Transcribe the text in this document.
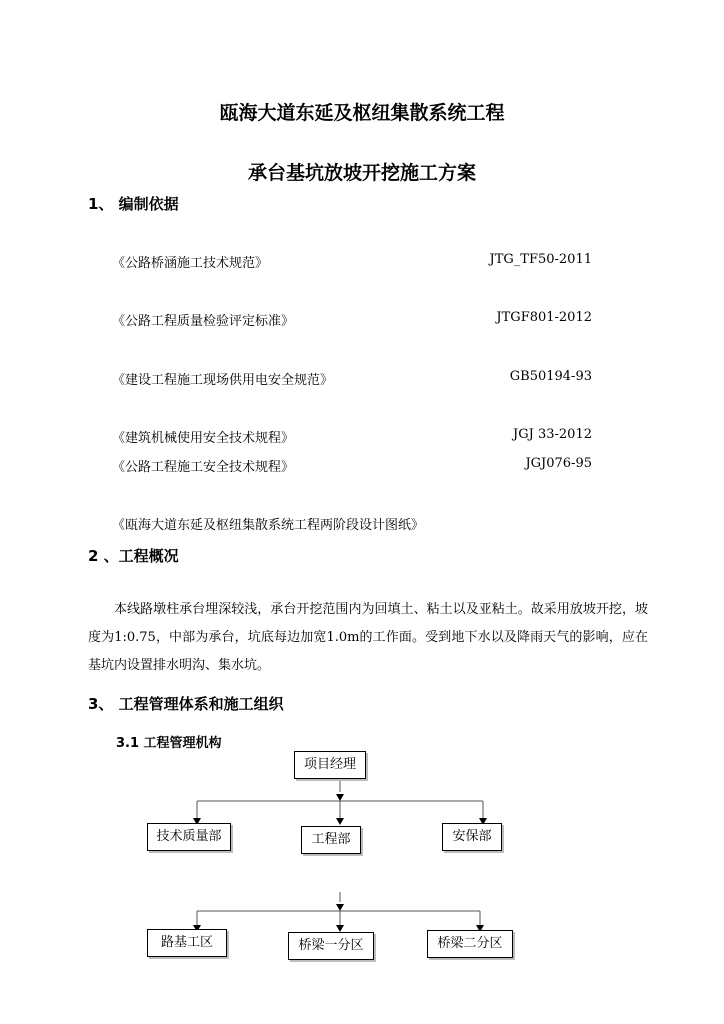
瓯海大道东延及枢纽集散系统工程
承台基坑放坡开挖施工方案
1、 编制依据
《公路桥涵施工技术规范》	JTG_TF50-2011
《公路工程质量检验评定标准》	JTGF801-2012
《建设工程施工现场供用电安全规范》	GB50194-93
《建筑机械使用安全技术规程》	JGJ 33-2012
《公路工程施工安全技术规程》	JGJ076-95
《瓯海大道东延及枢纽集散系统工程两阶段设计图纸》
2 、工程概况
本线路墩柱承台埋深较浅，承台开挖范围内为回填土、粘土以及亚粘土。故采用放坡开挖，坡度为1:0.75，中部为承台，坑底每边加宽1.0m的工作面。受到地下水以及降雨天气的影响，应在基坑内设置排水明沟、集水坑。
3、 工程管理体系和施工组织
3.1 工程管理机构
项目经理
技术质量部	工程部	安保部
路基工区	桥梁一分区	桥梁二分区
